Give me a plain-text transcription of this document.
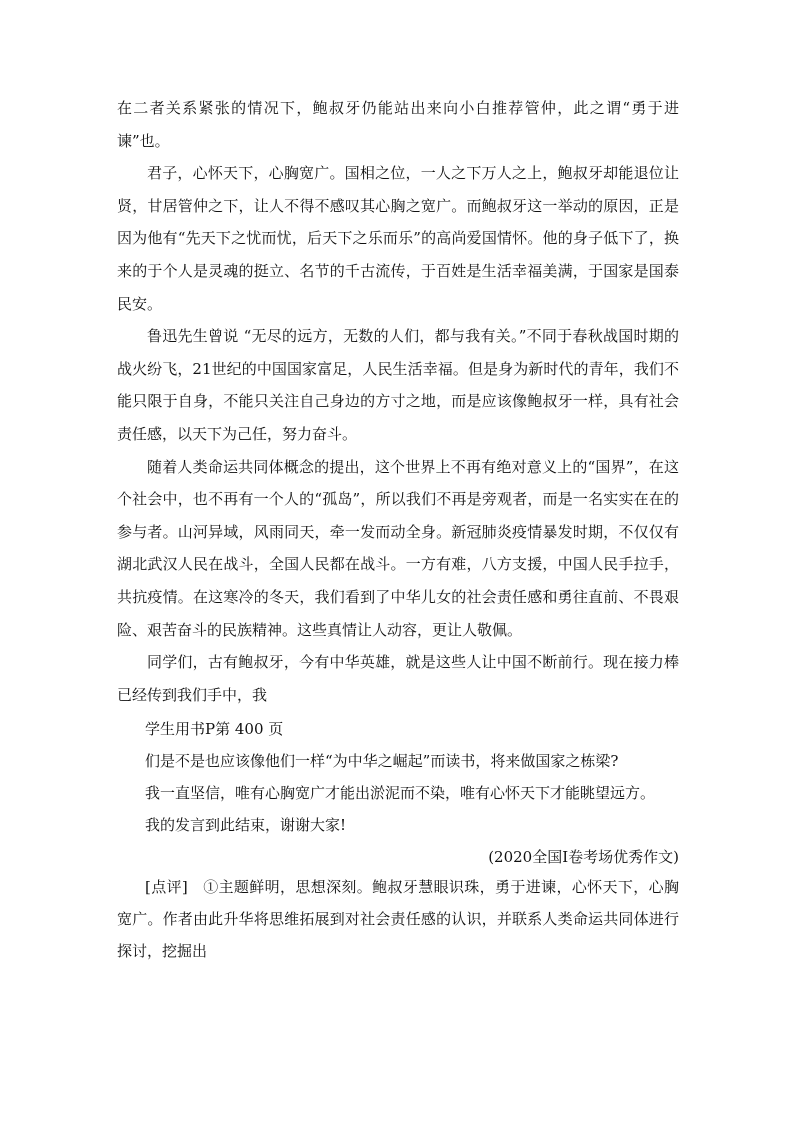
在二者关系紧张的情况下，鲍叔牙仍能站出来向小白推荐管仲，此之谓“勇于进谏”也。

君子，心怀天下，心胸宽广。国相之位，一人之下万人之上，鲍叔牙却能退位让贤，甘居管仲之下，让人不得不感叹其心胸之宽广。而鲍叔牙这一举动的原因，正是因为他有“先天下之忧而忧，后天下之乐而乐”的高尚爱国情怀。他的身子低下了，换来的于个人是灵魂的挺立、名节的千古流传，于百姓是生活幸福美满，于国家是国泰民安。

鲁迅先生曾说 “无尽的远方，无数的人们，都与我有关。”不同于春秋战国时期的战火纷飞，21世纪的中国国家富足，人民生活幸福。但是身为新时代的青年，我们不能只限于自身，不能只关注自己身边的方寸之地，而是应该像鲍叔牙一样，具有社会责任感，以天下为己任，努力奋斗。

随着人类命运共同体概念的提出，这个世界上不再有绝对意义上的“国界”，在这个社会中，也不再有一个人的“孤岛”，所以我们不再是旁观者，而是一名实实在在的参与者。山河异域，风雨同天，牵一发而动全身。新冠肺炎疫情暴发时期，不仅仅有湖北武汉人民在战斗，全国人民都在战斗。一方有难，八方支援，中国人民手拉手，共抗疫情。在这寒冷的冬天，我们看到了中华儿女的社会责任感和勇往直前、不畏艰险、艰苦奋斗的民族精神。这些真情让人动容，更让人敬佩。

同学们，古有鲍叔牙，今有中华英雄，就是这些人让中国不断前行。现在接力棒已经传到我们手中，我

学生用书P第 400 页

们是不是也应该像他们一样“为中华之崛起”而读书，将来做国家之栋梁?

我一直坚信，唯有心胸宽广才能出淤泥而不染，唯有心怀天下才能眺望远方。

我的发言到此结束，谢谢大家!

(2020全国Ⅰ卷考场优秀作文)

[点评] ①主题鲜明，思想深刻。鲍叔牙慧眼识珠，勇于进谏，心怀天下，心胸宽广。作者由此升华将思维拓展到对社会责任感的认识，并联系人类命运共同体进行探讨，挖掘出
